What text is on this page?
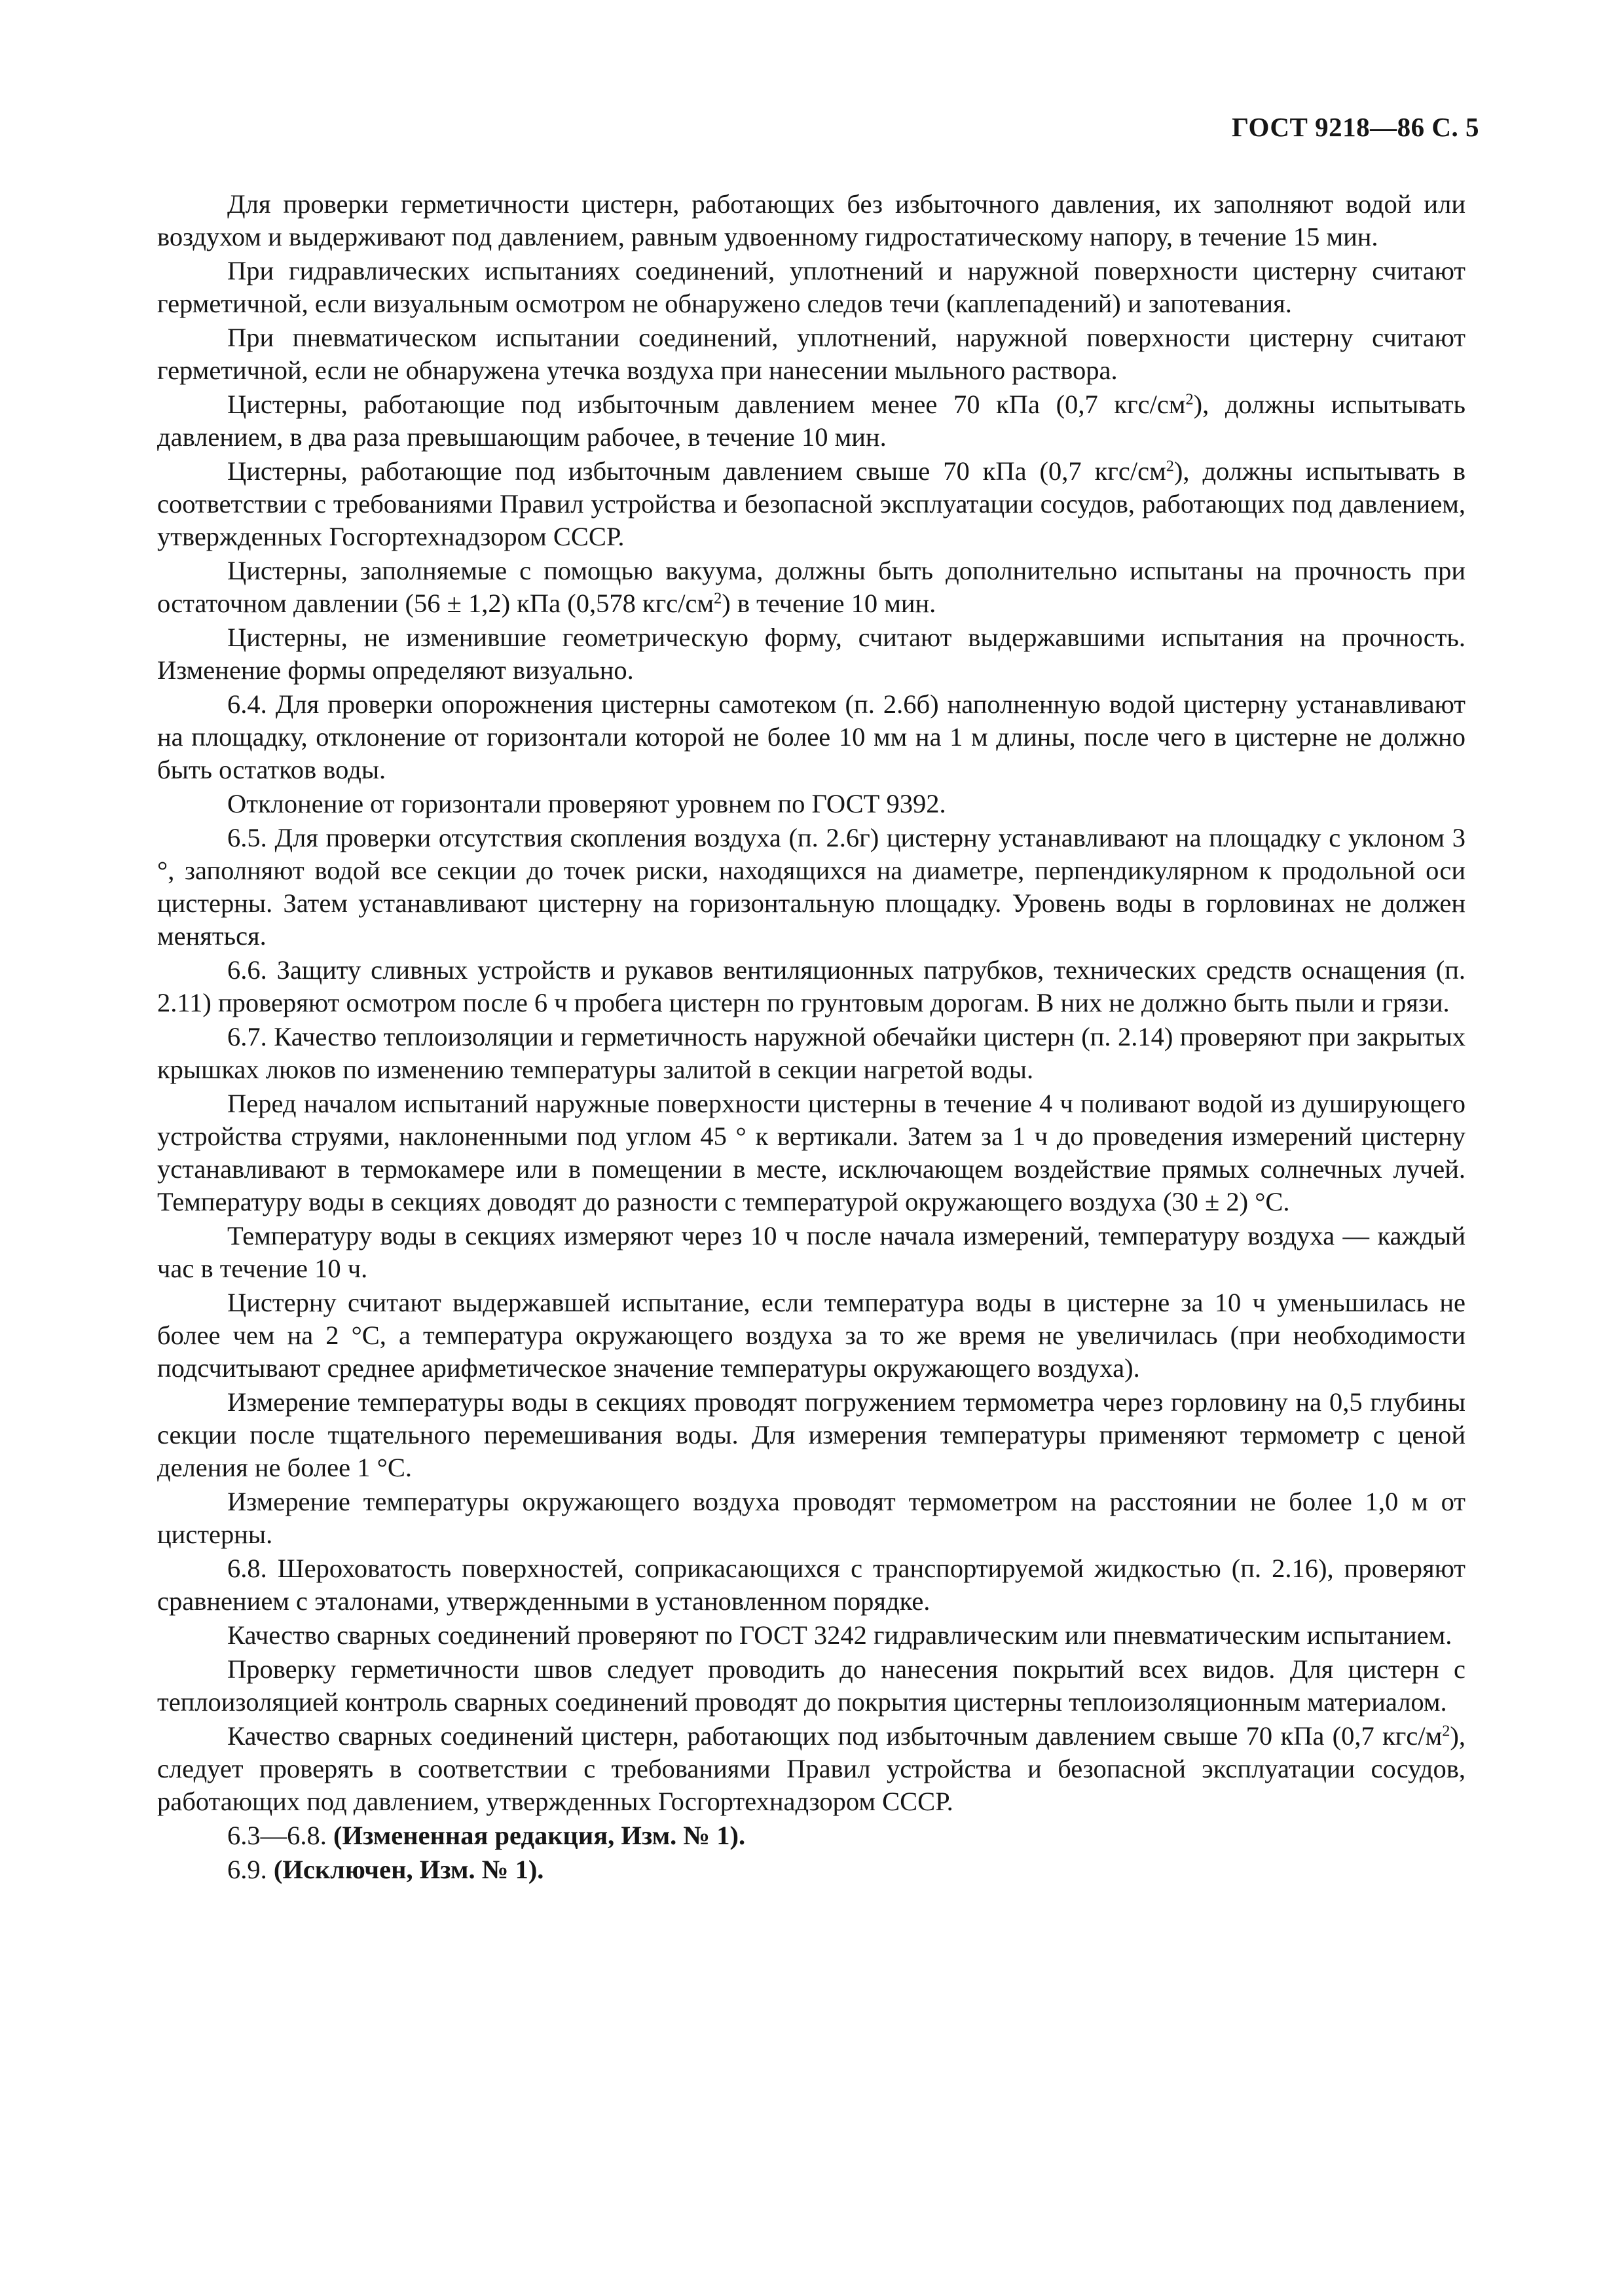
ГОСТ 9218—86 С. 5

Для проверки герметичности цистерн, работающих без избыточного давления, их заполняют водой или воздухом и выдерживают под давлением, равным удвоенному гидростатическому напору, в течение 15 мин.

При гидравлических испытаниях соединений, уплотнений и наружной поверхности цистерну считают герметичной, если визуальным осмотром не обнаружено следов течи (каплепадений) и запотевания.

При пневматическом испытании соединений, уплотнений, наружной поверхности цистерну считают герметичной, если не обнаружена утечка воздуха при нанесении мыльного раствора.

Цистерны, работающие под избыточным давлением менее 70 кПа (0,7 кгс/$см^2$), должны испытывать давлением, в два раза превышающим рабочее, в течение 10 мин.

Цистерны, работающие под избыточным давлением свыше 70 кПа (0,7 кгс/$см^2$), должны испытывать в соответствии с требованиями Правил устройства и безопасной эксплуатации сосудов, работающих под давлением, утвержденных Госгортехнадзором СССР.

Цистерны, заполняемые с помощью вакуума, должны быть дополнительно испытаны на прочность при остаточном давлении (56 ± 1,2) кПа (0,578 кгс/$см^2$) в течение 10 мин.

Цистерны, не изменившие геометрическую форму, считают выдержавшими испытания на прочность. Изменение формы определяют визуально.

6.4. Для проверки опорожнения цистерны самотеком (п. 2.6б) наполненную водой цистерну устанавливают на площадку, отклонение от горизонтали которой не более 10 мм на 1 м длины, после чего в цистерне не должно быть остатков воды.

Отклонение от горизонтали проверяют уровнем по ГОСТ 9392.

6.5. Для проверки отсутствия скопления воздуха (п. 2.6г) цистерну устанавливают на площадку с уклоном 3 °, заполняют водой все секции до точек риски, находящихся на диаметре, перпендикулярном к продольной оси цистерны. Затем устанавливают цистерну на горизонтальную площадку. Уровень воды в горловинах не должен меняться.

6.6. Защиту сливных устройств и рукавов вентиляционных патрубков, технических средств оснащения (п. 2.11) проверяют осмотром после 6 ч пробега цистерн по грунтовым дорогам. В них не должно быть пыли и грязи.

6.7. Качество теплоизоляции и герметичность наружной обечайки цистерн (п. 2.14) проверяют при закрытых крышках люков по изменению температуры залитой в секции нагретой воды.

Перед началом испытаний наружные поверхности цистерны в течение 4 ч поливают водой из душирующего устройства струями, наклоненными под углом 45 ° к вертикали. Затем за 1 ч до проведения измерений цистерну устанавливают в термокамере или в помещении в месте, исключающем воздействие прямых солнечных лучей. Температуру воды в секциях доводят до разности с температурой окружающего воздуха (30 ± 2) °С.

Температуру воды в секциях измеряют через 10 ч после начала измерений, температуру воздуха — каждый час в течение 10 ч.

Цистерну считают выдержавшей испытание, если температура воды в цистерне за 10 ч уменьшилась не более чем на 2 °С, а температура окружающего воздуха за то же время не увеличилась (при необходимости подсчитывают среднее арифметическое значение температуры окружающего воздуха).

Измерение температуры воды в секциях проводят погружением термометра через горловину на 0,5 глубины секции после тщательного перемешивания воды. Для измерения температуры применяют термометр с ценой деления не более 1 °С.

Измерение температуры окружающего воздуха проводят термометром на расстоянии не более 1,0 м от цистерны.

6.8. Шероховатость поверхностей, соприкасающихся с транспортируемой жидкостью (п. 2.16), проверяют сравнением с эталонами, утвержденными в установленном порядке.

Качество сварных соединений проверяют по ГОСТ 3242 гидравлическим или пневматическим испытанием.

Проверку герметичности швов следует проводить до нанесения покрытий всех видов. Для цистерн с теплоизоляцией контроль сварных соединений проводят до покрытия цистерны теплоизоляционным материалом.

Качество сварных соединений цистерн, работающих под избыточным давлением свыше 70 кПа (0,7 кгс/$м^2$), следует проверять в соответствии с требованиями Правил устройства и безопасной эксплуатации сосудов, работающих под давлением, утвержденных Госгортехнадзором СССР.

6.3—6.8. (Измененная редакция, Изм. № 1).

6.9. (Исключен, Изм. № 1).
